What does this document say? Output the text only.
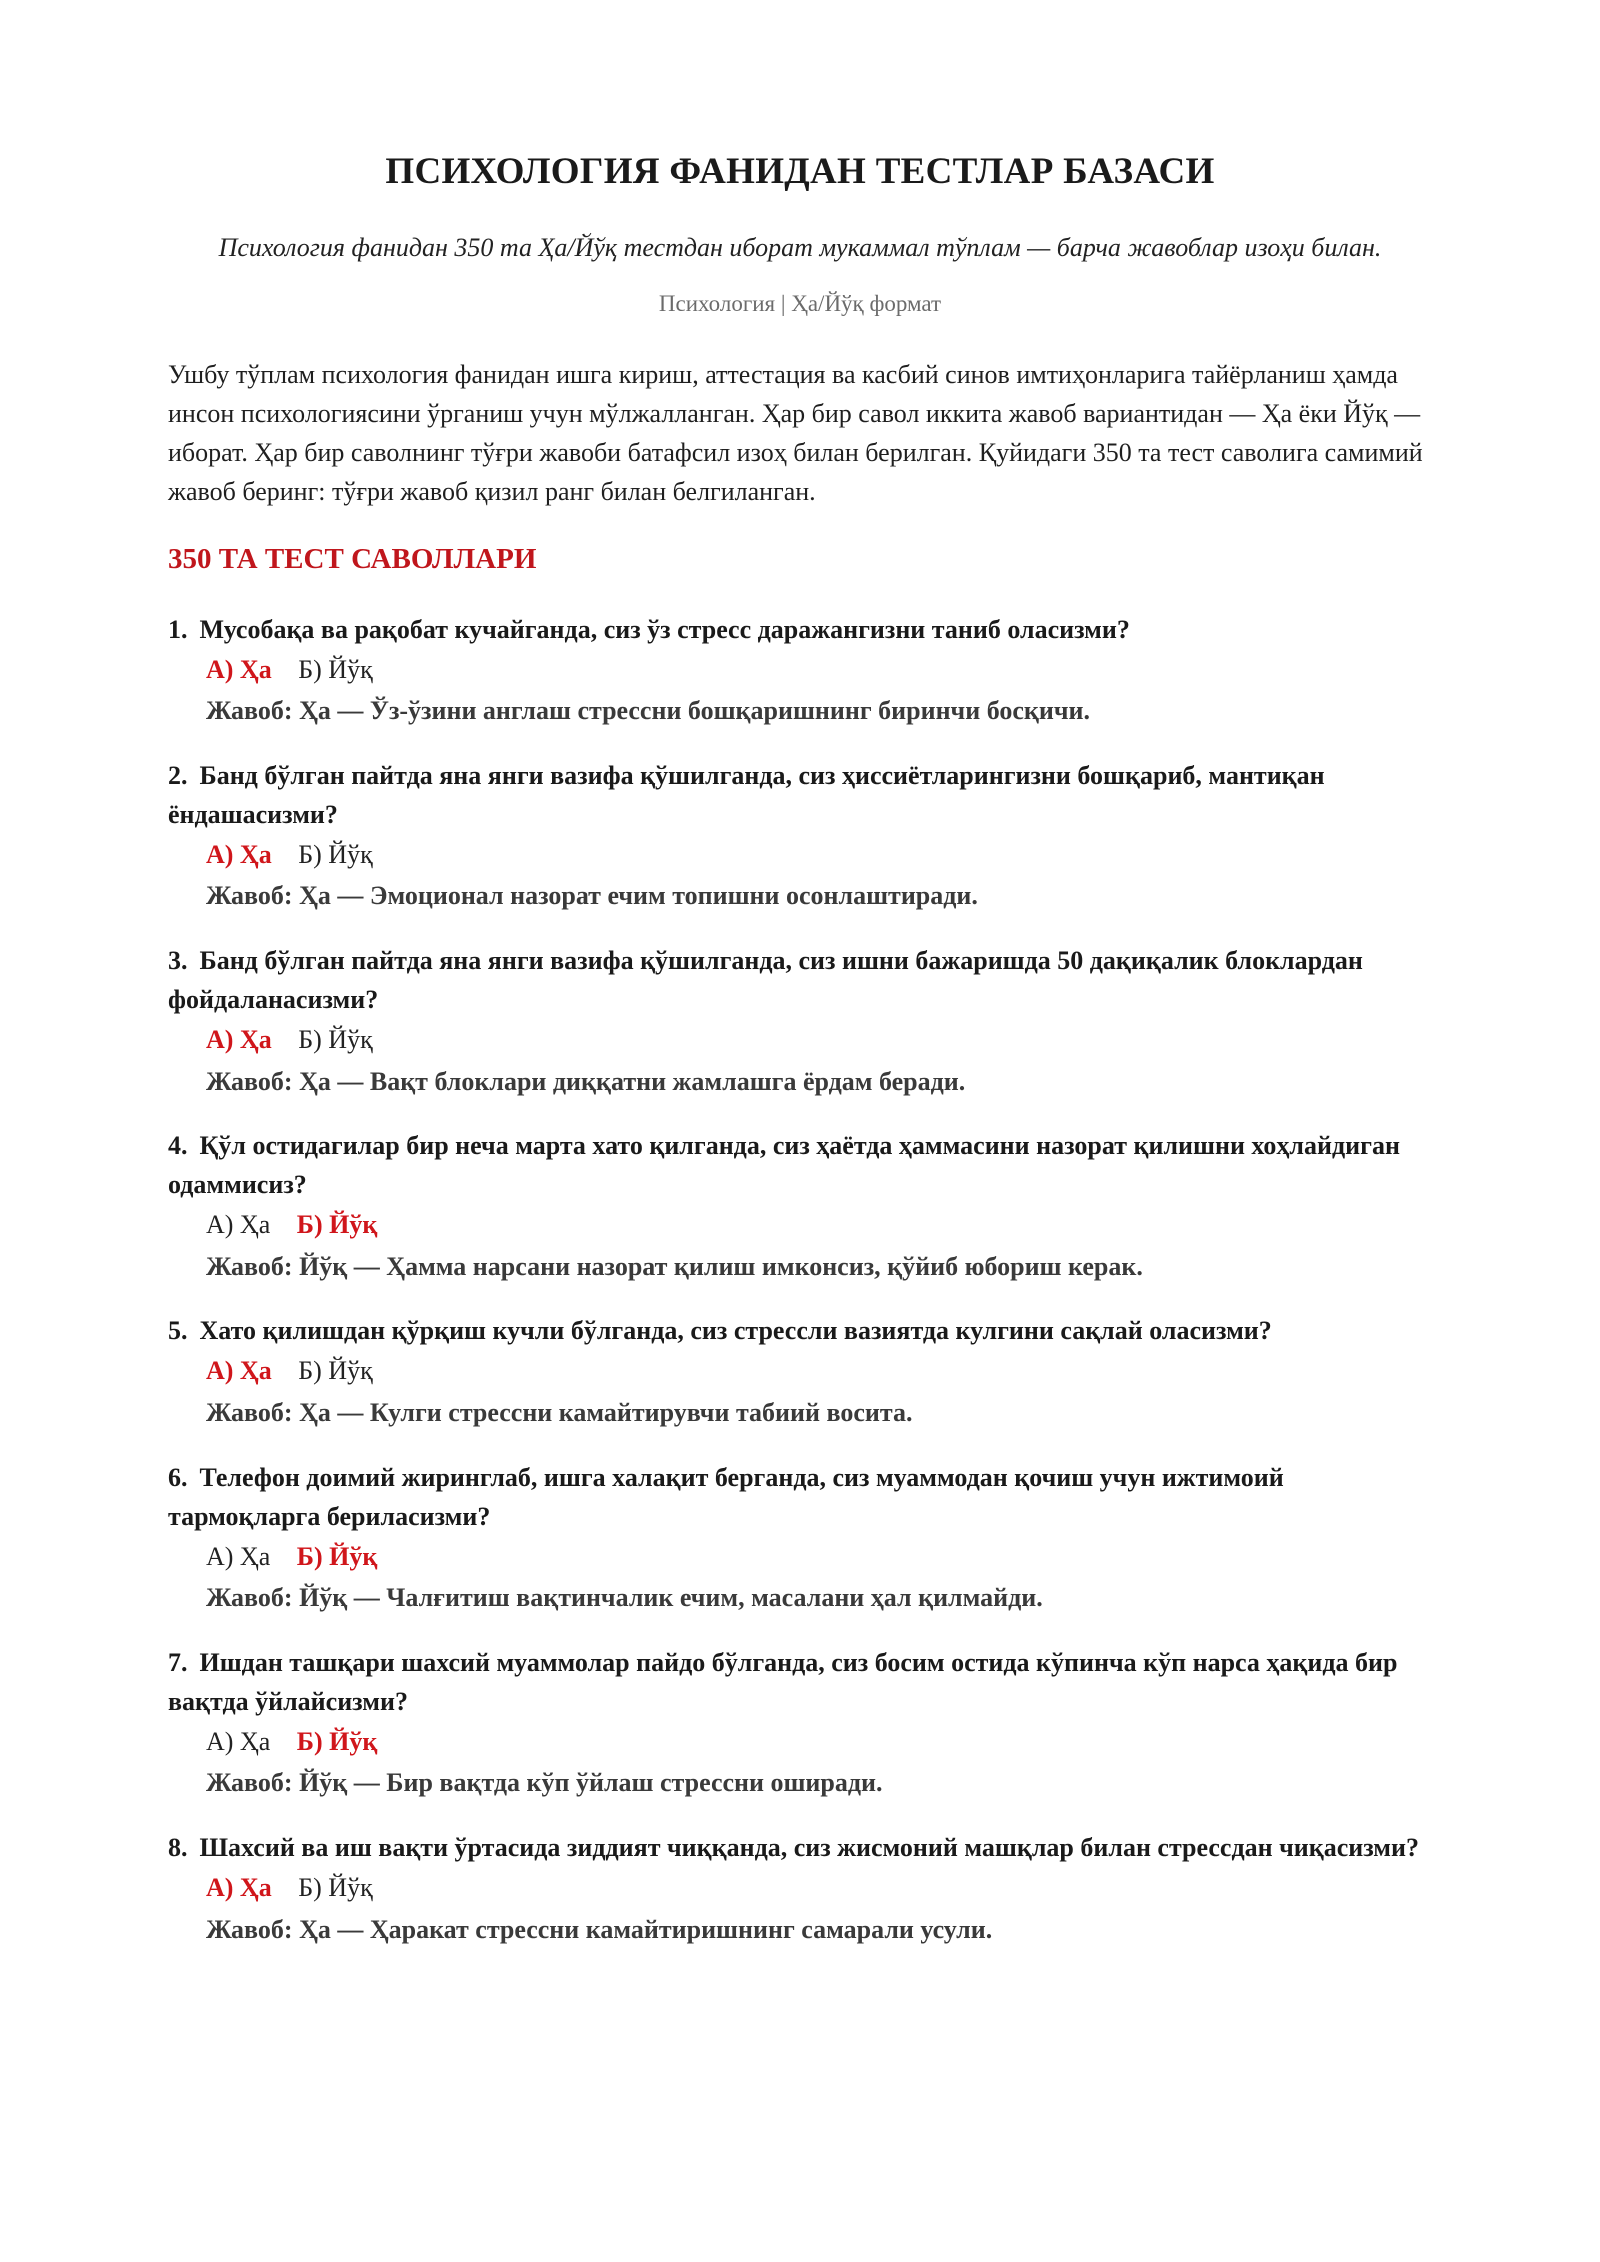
ПСИХОЛОГИЯ ФАНИДАН ТЕСТЛАР БАЗАСИ
Психология фанидан 350 та Ҳа/Йўқ тестдан иборат мукаммал тўплам — барча жавоблар изоҳи билан.
Психология | Ҳа/Йўқ формат

Ушбу тўплам психология фанидан ишга кириш, аттестация ва касбий синов имтиҳонларига тайёрланиш ҳамда инсон психологиясини ўрганиш учун мўлжалланган. Ҳар бир савол иккита жавоб вариантидан — Ҳа ёки Йўқ — иборат. Ҳар бир саволнинг тўғри жавоби батафсил изоҳ билан берилган. Қуйидаги 350 та тест саволига самимий жавоб беринг: тўғри жавоб қизил ранг билан белгиланган.

350 ТА ТЕСТ САВОЛЛАРИ
1. Мусобақа ва рақобат кучайганда, сиз ўз стресс даражангизни таниб оласизми?
А) Ҳа Б) Йўқ
Жавоб: Ҳа — Ўз-ўзини англаш стрессни бошқаришнинг биринчи босқичи.
2. Банд бўлган пайтда яна янги вазифа қўшилганда, сиз ҳиссиётларингизни бошқариб, мантиқан ёндашасизми?
А) Ҳа Б) Йўқ
Жавоб: Ҳа — Эмоционал назорат ечим топишни осонлаштиради.
3. Банд бўлган пайтда яна янги вазифа қўшилганда, сиз ишни бажаришда 50 дақиқалик блоклардан фойдаланасизми?
А) Ҳа Б) Йўқ
Жавоб: Ҳа — Вақт блоклари диққатни жамлашга ёрдам беради.
4. Қўл остидагилар бир неча марта хато қилганда, сиз ҳаётда ҳаммасини назорат қилишни хоҳлайдиган одаммисиз?
А) Ҳа Б) Йўқ
Жавоб: Йўқ — Ҳамма нарсани назорат қилиш имконсиз, қўйиб юбориш керак.
5. Хато қилишдан қўрқиш кучли бўлганда, сиз стрессли вазиятда кулгини сақлай оласизми?
А) Ҳа Б) Йўқ
Жавоб: Ҳа — Кулги стрессни камайтирувчи табиий восита.
6. Телефон доимий жиринглаб, ишга халақит берганда, сиз муаммодан қочиш учун ижтимоий тармоқларга бериласизми?
А) Ҳа Б) Йўқ
Жавоб: Йўқ — Чалғитиш вақтинчалик ечим, масалани ҳал қилмайди.
7. Ишдан ташқари шахсий муаммолар пайдо бўлганда, сиз босим остида кўпинча кўп нарса ҳақида бир вақтда ўйлайсизми?
А) Ҳа Б) Йўқ
Жавоб: Йўқ — Бир вақтда кўп ўйлаш стрессни оширади.
8. Шахсий ва иш вақти ўртасида зиддият чиққанда, сиз жисмоний машқлар билан стрессдан чиқасизми?
А) Ҳа Б) Йўқ
Жавоб: Ҳа — Ҳаракат стрессни камайтиришнинг самарали усули.
